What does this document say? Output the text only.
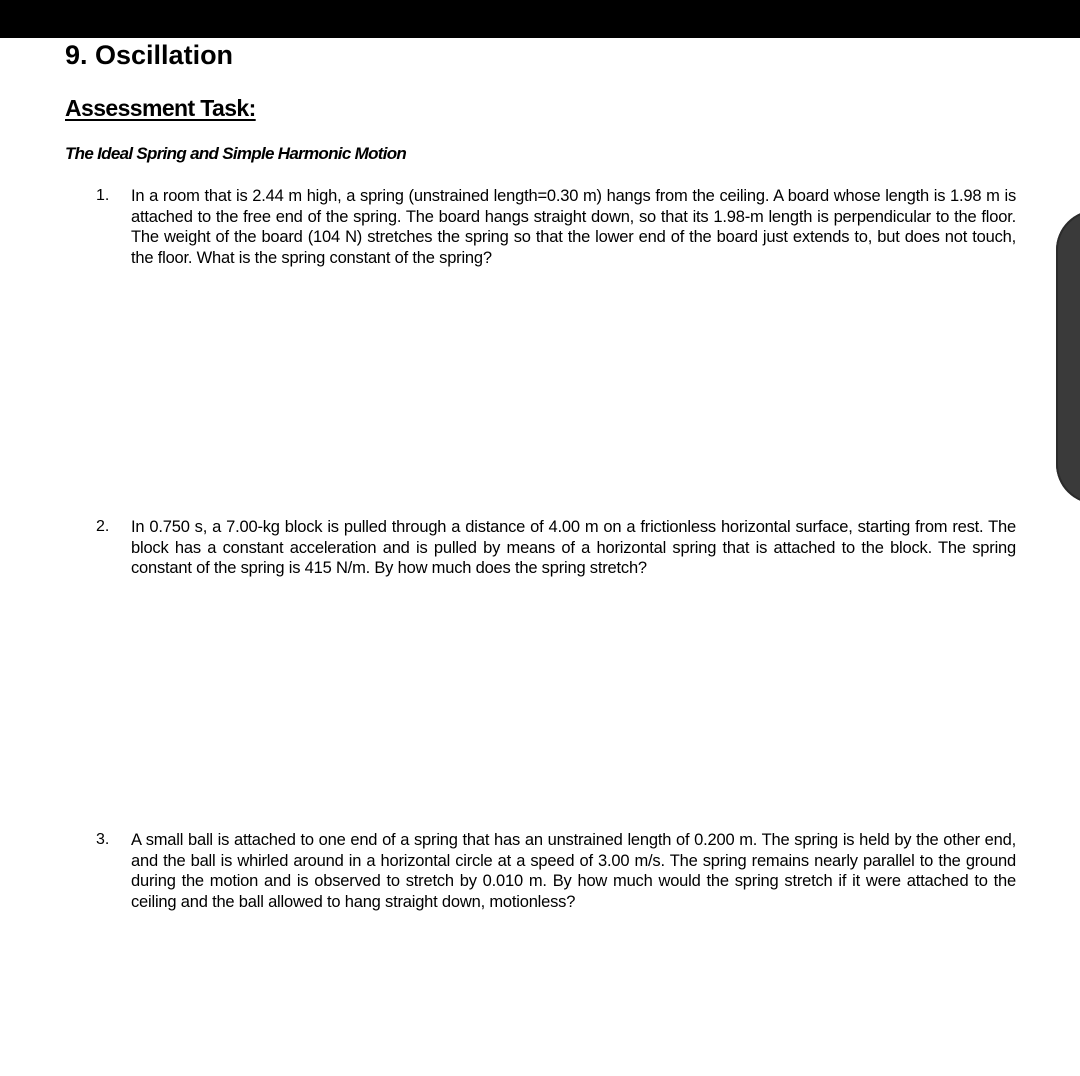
9. Oscillation
Assessment Task:
The Ideal Spring and Simple Harmonic Motion
1.	In a room that is 2.44 m high, a spring (unstrained length=0.30 m) hangs from the ceiling. A board whose length is 1.98 m is attached to the free end of the spring. The board hangs straight down, so that its 1.98-m length is perpendicular to the floor. The weight of the board (104 N) stretches the spring so that the lower end of the board just extends to, but does not touch, the floor. What is the spring constant of the spring?
2.	In 0.750 s, a 7.00-kg block is pulled through a distance of 4.00 m on a frictionless horizontal surface, starting from rest. The block has a constant acceleration and is pulled by means of a horizontal spring that is attached to the block. The spring constant of the spring is 415 N/m. By how much does the spring stretch?
3.	A small ball is attached to one end of a spring that has an unstrained length of 0.200 m. The spring is held by the other end, and the ball is whirled around in a horizontal circle at a speed of 3.00 m/s. The spring remains nearly parallel to the ground during the motion and is observed to stretch by 0.010 m. By how much would the spring stretch if it were attached to the ceiling and the ball allowed to hang straight down, motionless?
